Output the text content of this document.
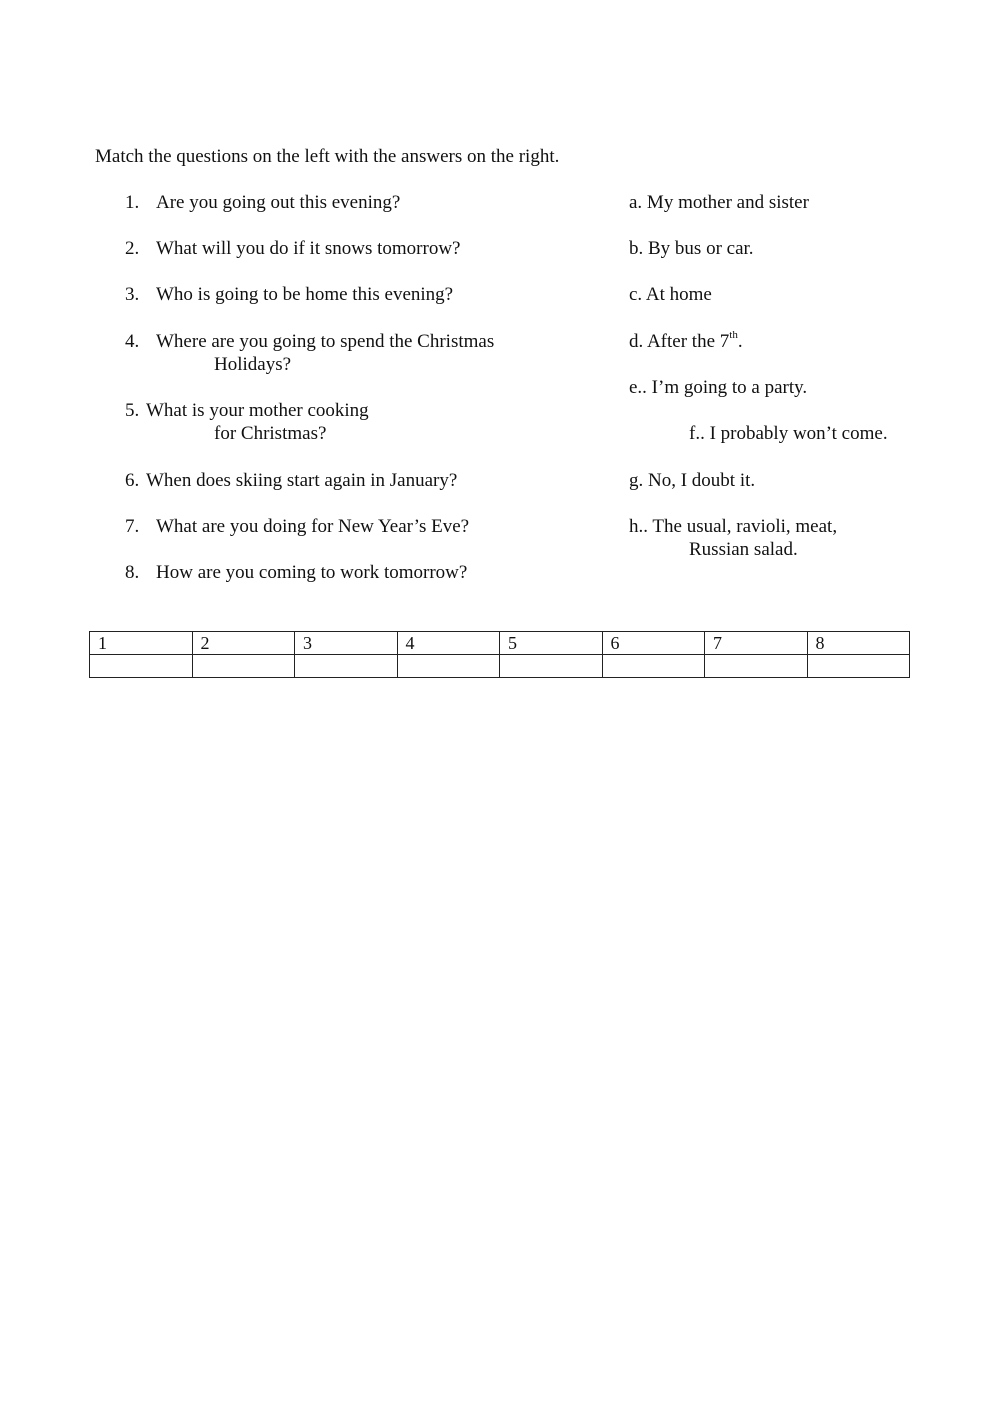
Match the questions on the left with the answers on the right.
1. Are you going out this evening?
2. What will you do if it snows tomorrow?
3. Who is going to be home this evening?
4. Where are you going to spend the Christmas
Holidays?
5. What is your mother cooking
for Christmas?
6. When does skiing start again in January?
7. What are you doing for New Year’s Eve?
8. How are you coming to work tomorrow?
a. My mother and sister
b. By bus or car.
c. At home
d. After the 7th.
e.. I’m going to a party.
f.. I probably won’t come.
g. No, I doubt it.
h.. The usual, ravioli, meat,
Russian salad.
1	2	3	4	5	6	7	8
